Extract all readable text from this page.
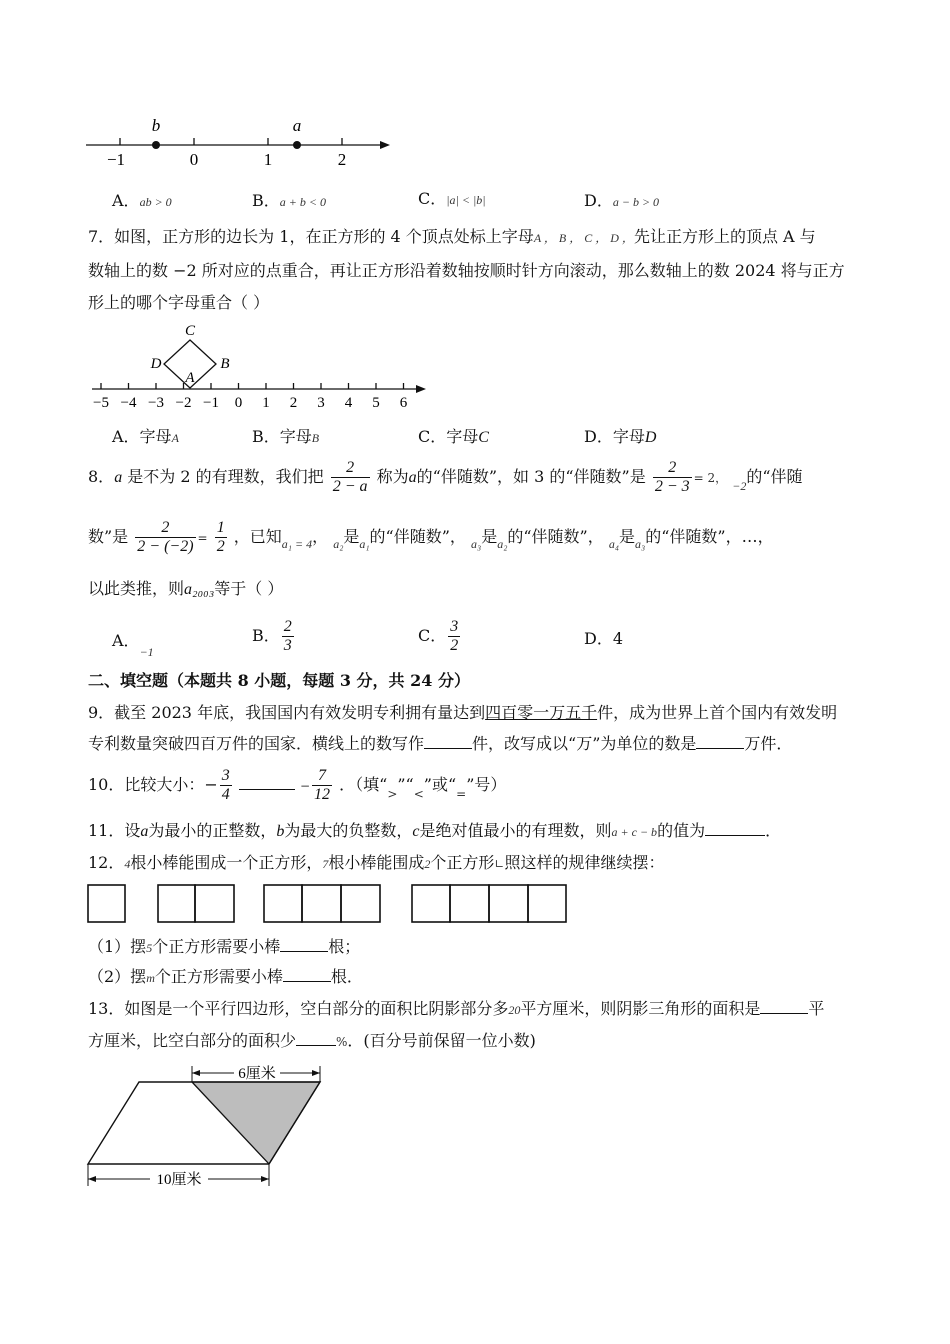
b	a
−1	0	1	2
A．ab > 0	B．a + b < 0	C．|a| < |b|	D．a − b > 0
7．如图，正方形的边长为 1，在正方形的 4 个顶点处标上字母A ， B ， C ， D ，先让正方形上的顶点 A 与
数轴上的数 −2 所对应的点重合，再让正方形沿着数轴按顺时针方向滚动，那么数轴上的数 2024 将与正方
形上的哪个字母重合（ ）
C
D	B
A
−5 −4 −3 −2 −1 0 1 2 3 4 5 6
A．字母A	B．字母B	C．字母C	D．字母D
8．a 是不为 2 的有理数，我们把 $\frac{2}{2 - a}$ 称为a的“伴随数”，如 3 的“伴随数”是 $\frac{2}{2 - 3} = 2$， $_{-2}$的“伴随
数”是 $\frac{2}{2 - (-2)} = \frac{1}{2}$ ，已知$_{a_1 = 4}$， $_{a_2}$是$_{a_1}$的“伴随数”， $_{a_3}$是$_{a_2}$的“伴随数”， $_{a_4}$是$_{a_3}$的“伴随数”，…，
以此类推，则a₂₀₀₃等于（ ）
A．$_{-1}$
B． $\frac{2}{3}$	C． $\frac{3}{2}$	D．4
二、填空题（本题共 8 小题，每题 3 分，共 24 分）
9．截至 2023 年底，我国国内有效发明专利拥有量达到四百零一万五千件，成为世界上首个国内有效发明
专利数量突破四百万件的国家．横线上的数写作	件，改写成以“万”为单位的数是	万件．
10．比较大小：− $\frac{3}{4}$	− $\frac{7}{12}$ ．（填“$_>”“_<$”或“$_=$”号）
11．设a为最小的正整数，b为最大的负整数，c是绝对值最小的有理数，则a + c − b的值为	．
12．4根小棒能围成一个正方形，7根小棒能围成2个正方形∟照这样的规律继续摆：
（1）摆5个正方形需要小棒	根；
（2）摆m个正方形需要小棒	根．
13．如图是一个平行四边形，空白部分的面积比阴影部分多20平方厘米，则阴影三角形的面积是	平
方厘米，比空白部分的面积少	%．(百分号前保留一位小数)
6厘米
10厘米
